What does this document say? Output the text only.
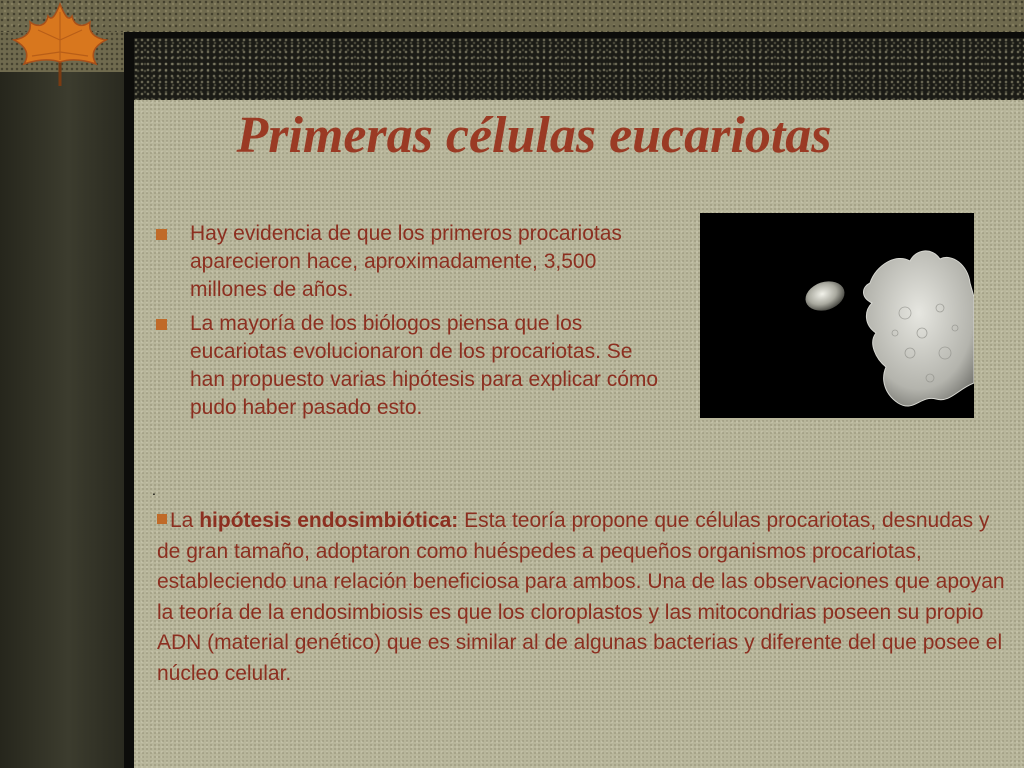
Primeras células eucariotas
Hay evidencia de que los primeros procariotas aparecieron hace, aproximadamente, 3,500 millones de años.
La mayoría de los biólogos piensa que los eucariotas evolucionaron de los procariotas. Se han propuesto varias hipótesis para explicar cómo pudo haber pasado esto.
.

La hipótesis endosimbiótica: Esta teoría propone que células procariotas, desnudas y de gran tamaño, adoptaron como huéspedes a pequeños organismos procariotas, estableciendo una relación beneficiosa para ambos. Una de las observaciones que apoyan la teoría de la endosimbiosis es que los cloroplastos y las mitocondrias poseen su propio ADN (material genético) que es similar al de algunas bacterias y diferente del que posee el núcleo celular.
